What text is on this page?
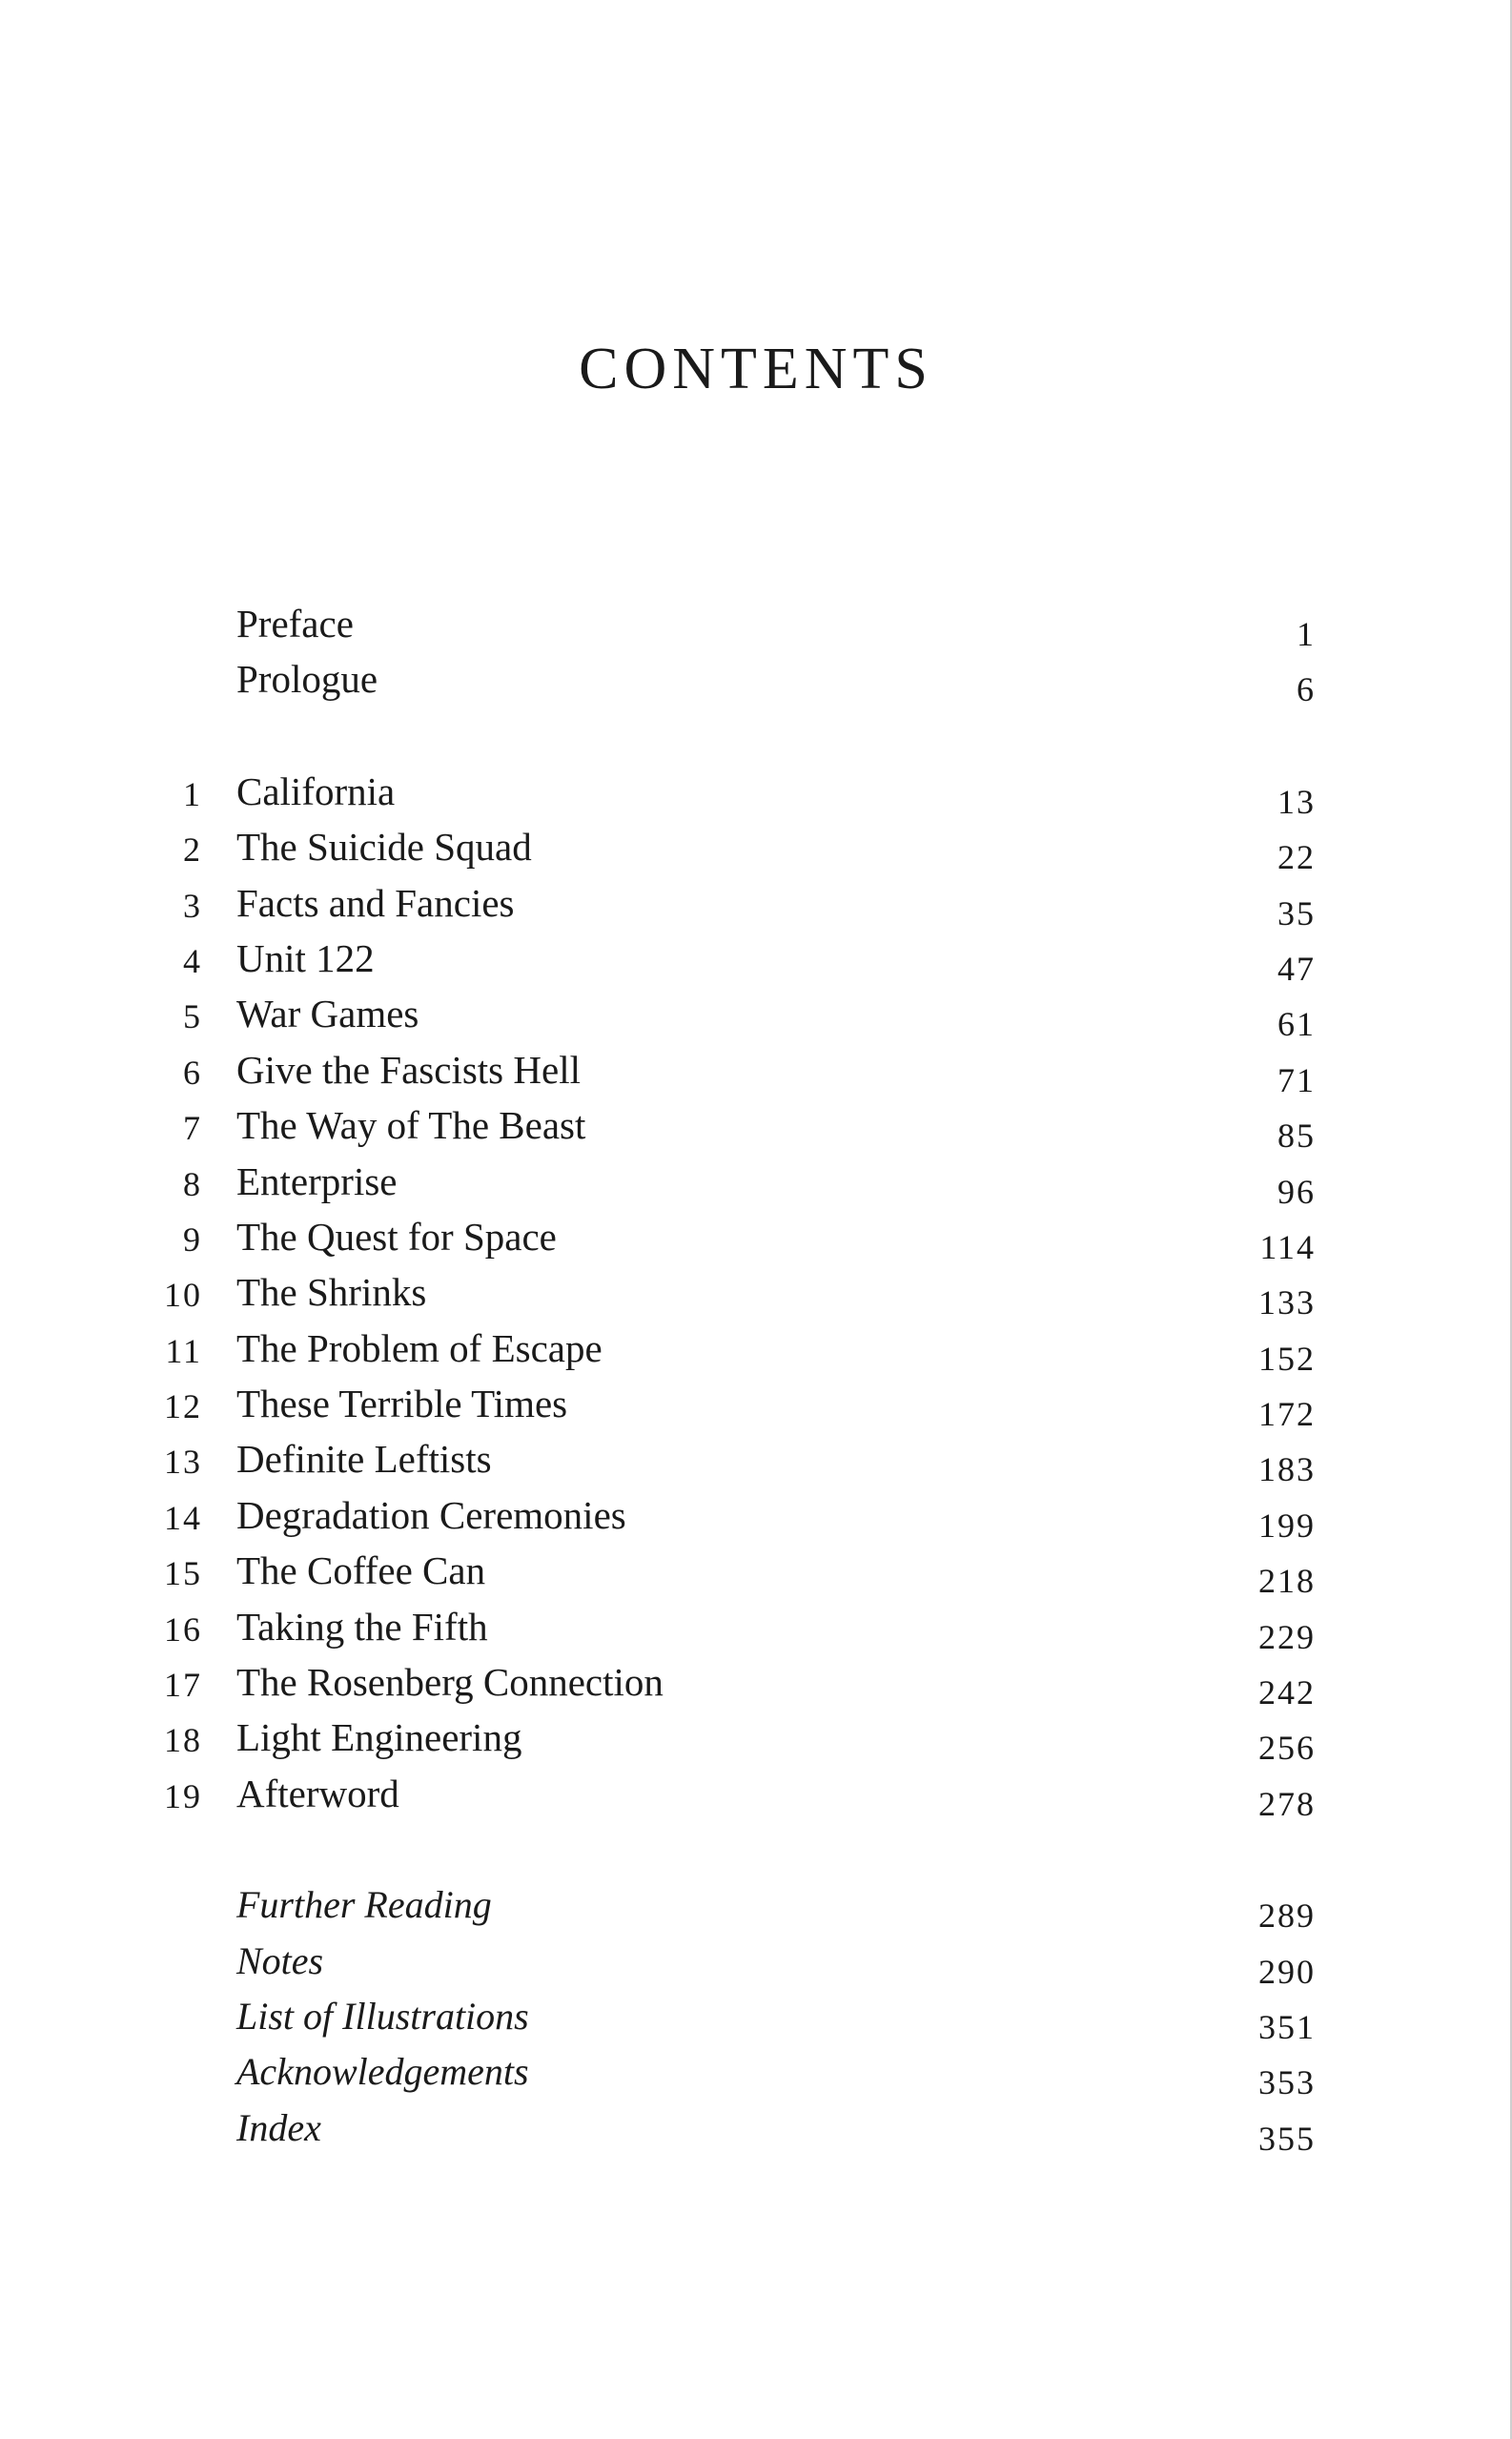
CONTENTS
Preface	1
Prologue	6
1 California	13
2 The Suicide Squad	22
3 Facts and Fancies	35
4 Unit 122	47
5 War Games	61
6 Give the Fascists Hell	71
7 The Way of The Beast	85
8 Enterprise	96
9 The Quest for Space	114
10 The Shrinks	133
11 The Problem of Escape	152
12 These Terrible Times	172
13 Definite Leftists	183
14 Degradation Ceremonies	199
15 The Coffee Can	218
16 Taking the Fifth	229
17 The Rosenberg Connection	242
18 Light Engineering	256
19 Afterword	278
Further Reading	289
Notes	290
List of Illustrations	351
Acknowledgements	353
Index	355
